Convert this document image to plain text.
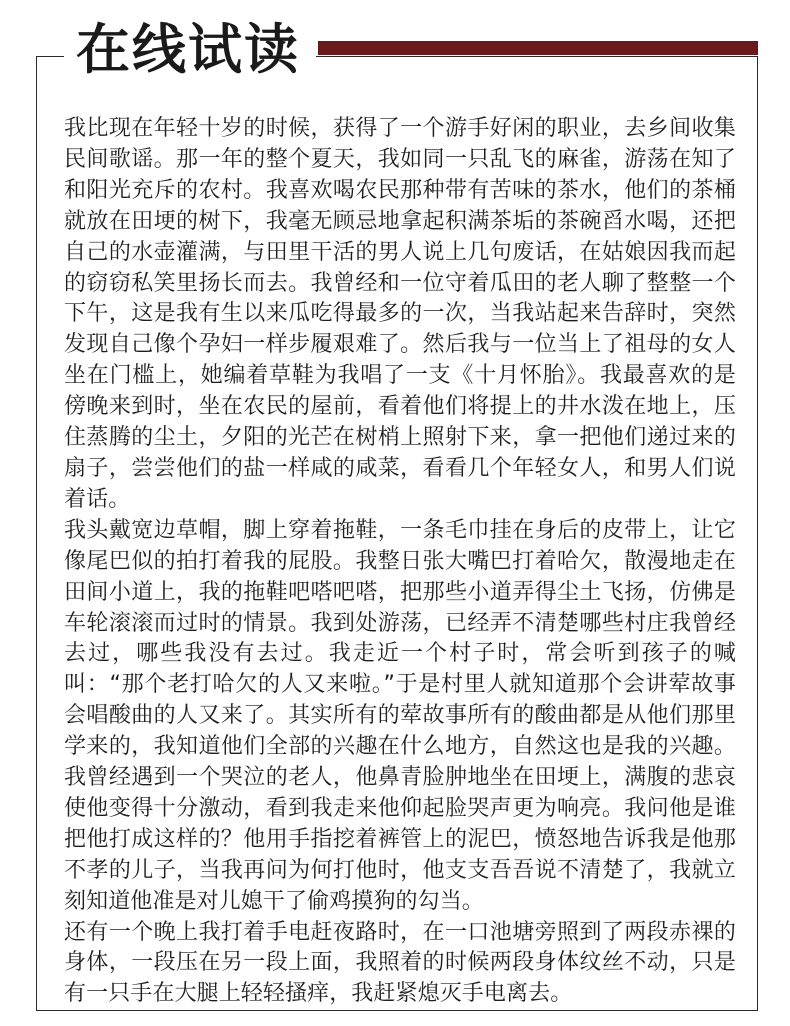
在线试读

我比现在年轻十岁的时候，获得了一个游手好闲的职业，去乡间收集民间歌谣。那一年的整个夏天，我如同一只乱飞的麻雀，游荡在知了和阳光充斥的农村。我喜欢喝农民那种带有苦味的茶水，他们的茶桶就放在田埂的树下，我毫无顾忌地拿起积满茶垢的茶碗舀水喝，还把自己的水壶灌满，与田里干活的男人说上几句废话，在姑娘因我而起的窃窃私笑里扬长而去。我曾经和一位守着瓜田的老人聊了整整一个下午，这是我有生以来瓜吃得最多的一次，当我站起来告辞时，突然发现自己像个孕妇一样步履艰难了。然后我与一位当上了祖母的女人坐在门槛上，她编着草鞋为我唱了一支《十月怀胎》。我最喜欢的是傍晚来到时，坐在农民的屋前，看着他们将提上的井水泼在地上，压住蒸腾的尘土，夕阳的光芒在树梢上照射下来，拿一把他们递过来的扇子，尝尝他们的盐一样咸的咸菜，看看几个年轻女人，和男人们说着话。

我头戴宽边草帽，脚上穿着拖鞋，一条毛巾挂在身后的皮带上，让它像尾巴似的拍打着我的屁股。我整日张大嘴巴打着哈欠，散漫地走在田间小道上，我的拖鞋吧嗒吧嗒，把那些小道弄得尘土飞扬，仿佛是车轮滚滚而过时的情景。我到处游荡，已经弄不清楚哪些村庄我曾经去过，哪些我没有去过。我走近一个村子时，常会听到孩子的喊叫：“那个老打哈欠的人又来啦。”于是村里人就知道那个会讲荤故事会唱酸曲的人又来了。其实所有的荤故事所有的酸曲都是从他们那里学来的，我知道他们全部的兴趣在什么地方，自然这也是我的兴趣。我曾经遇到一个哭泣的老人，他鼻青脸肿地坐在田埂上，满腹的悲哀使他变得十分激动，看到我走来他仰起脸哭声更为响亮。我问他是谁把他打成这样的？他用手指挖着裤管上的泥巴，愤怒地告诉我是他那不孝的儿子，当我再问为何打他时，他支支吾吾说不清楚了，我就立刻知道他准是对儿媳干了偷鸡摸狗的勾当。

还有一个晚上我打着手电赶夜路时，在一口池塘旁照到了两段赤裸的身体，一段压在另一段上面，我照着的时候两段身体纹丝不动，只是有一只手在大腿上轻轻搔痒，我赶紧熄灭手电离去。
